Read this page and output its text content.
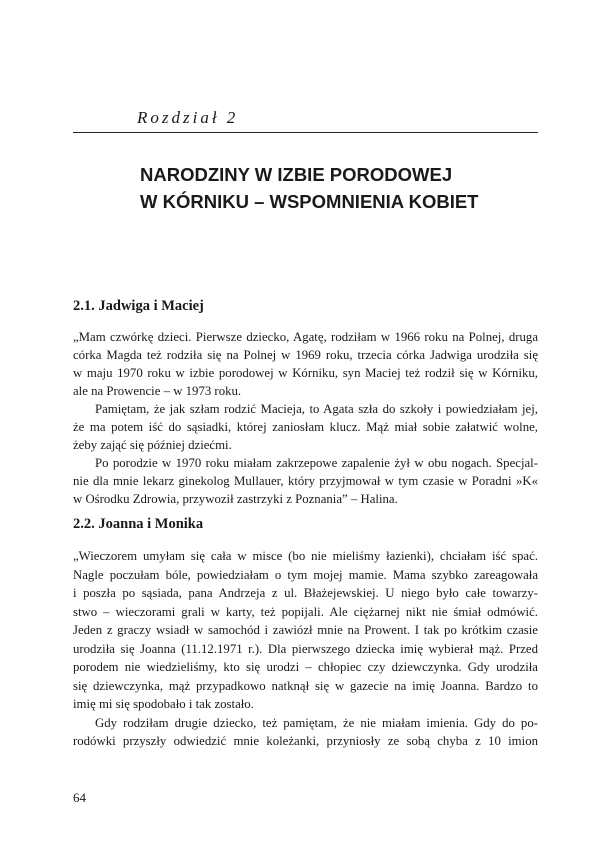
Rozdział 2
NARODZINY W IZBIE PORODOWEJ
W KÓRNIKU – WSPOMNIENIA KOBIET
2.1. Jadwiga i Maciej
„Mam czwórkę dzieci. Pierwsze dziecko, Agatę, rodziłam w 1966 roku na Polnej, druga
córka Magda też rodziła się na Polnej w 1969 roku, trzecia córka Jadwiga urodziła się
w maju 1970 roku w izbie porodowej w Kórniku, syn Maciej też rodził się w Kórniku,
ale na Prowencie – w 1973 roku.
Pamiętam, że jak szłam rodzić Macieja, to Agata szła do szkoły i powiedziałam jej,
że ma potem iść do sąsiadki, której zaniosłam klucz. Mąż miał sobie załatwić wolne,
żeby zająć się później dziećmi.
Po porodzie w 1970 roku miałam zakrzepowe zapalenie żył w obu nogach. Specjal-
nie dla mnie lekarz ginekolog Mullauer, który przyjmował w tym czasie w Poradni »K«
w Ośrodku Zdrowia, przywoził zastrzyki z Poznania” – Halina.
2.2. Joanna i Monika
„Wieczorem umyłam się cała w misce (bo nie mieliśmy łazienki), chciałam iść spać.
Nagle poczułam bóle, powiedziałam o tym mojej mamie. Mama szybko zareagowała
i poszła po sąsiada, pana Andrzeja z ul. Błażejewskiej. U niego było całe towarzy-
stwo – wieczorami grali w karty, też popijali. Ale ciężarnej nikt nie śmiał odmówić.
Jeden z graczy wsiadł w samochód i zawiózł mnie na Prowent. I tak po krótkim czasie
urodziła się Joanna (11.12.1971 r.). Dla pierwszego dziecka imię wybierał mąż. Przed
porodem nie wiedzieliśmy, kto się urodzi – chłopiec czy dziewczynka. Gdy urodziła
się dziewczynka, mąż przypadkowo natknął się w gazecie na imię Joanna. Bardzo to
imię mi się spodobało i tak zostało.
Gdy rodziłam drugie dziecko, też pamiętam, że nie miałam imienia. Gdy do po-
rodówki przyszły odwiedzić mnie koleżanki, przyniosły ze sobą chyba z 10 imion
64
